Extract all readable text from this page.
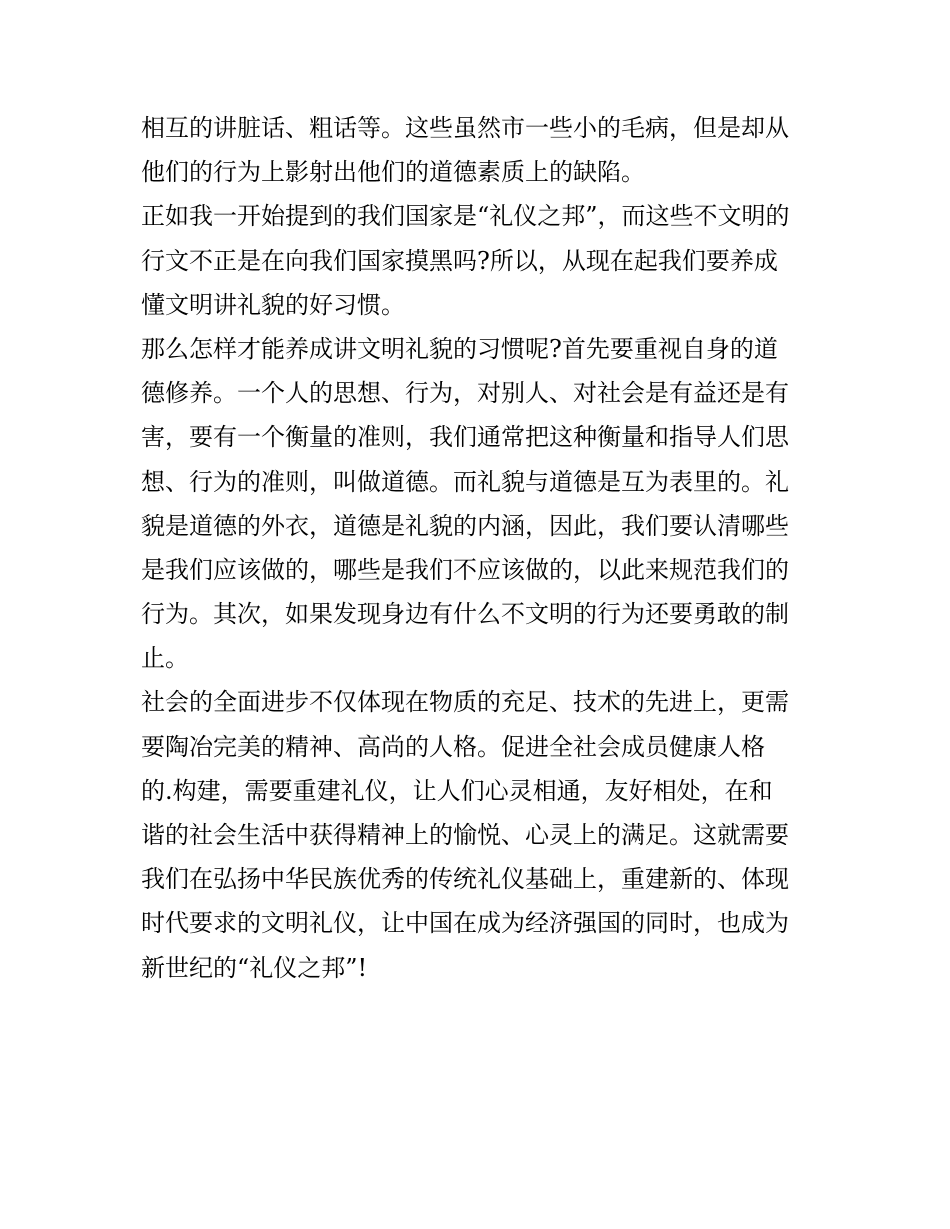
相互的讲脏话、粗话等。这些虽然市一些小的毛病，但是却从
他们的行为上影射出他们的道德素质上的缺陷。
正如我一开始提到的我们国家是“礼仪之邦”，而这些不文明的
行文不正是在向我们国家摸黑吗?所以，从现在起我们要养成
懂文明讲礼貌的好习惯。
那么怎样才能养成讲文明礼貌的习惯呢?首先要重视自身的道
德修养。一个人的思想、行为，对别人、对社会是有益还是有
害，要有一个衡量的准则，我们通常把这种衡量和指导人们思
想、行为的准则，叫做道德。而礼貌与道德是互为表里的。礼
貌是道德的外衣，道德是礼貌的内涵，因此，我们要认清哪些
是我们应该做的，哪些是我们不应该做的，以此来规范我们的
行为。其次，如果发现身边有什么不文明的行为还要勇敢的制
止。
社会的全面进步不仅体现在物质的充足、技术的先进上，更需
要陶冶完美的精神、高尚的人格。促进全社会成员健康人格
的.构建，需要重建礼仪，让人们心灵相通，友好相处，在和
谐的社会生活中获得精神上的愉悦、心灵上的满足。这就需要
我们在弘扬中华民族优秀的传统礼仪基础上，重建新的、体现
时代要求的文明礼仪，让中国在成为经济强国的同时，也成为
新世纪的“礼仪之邦”!
